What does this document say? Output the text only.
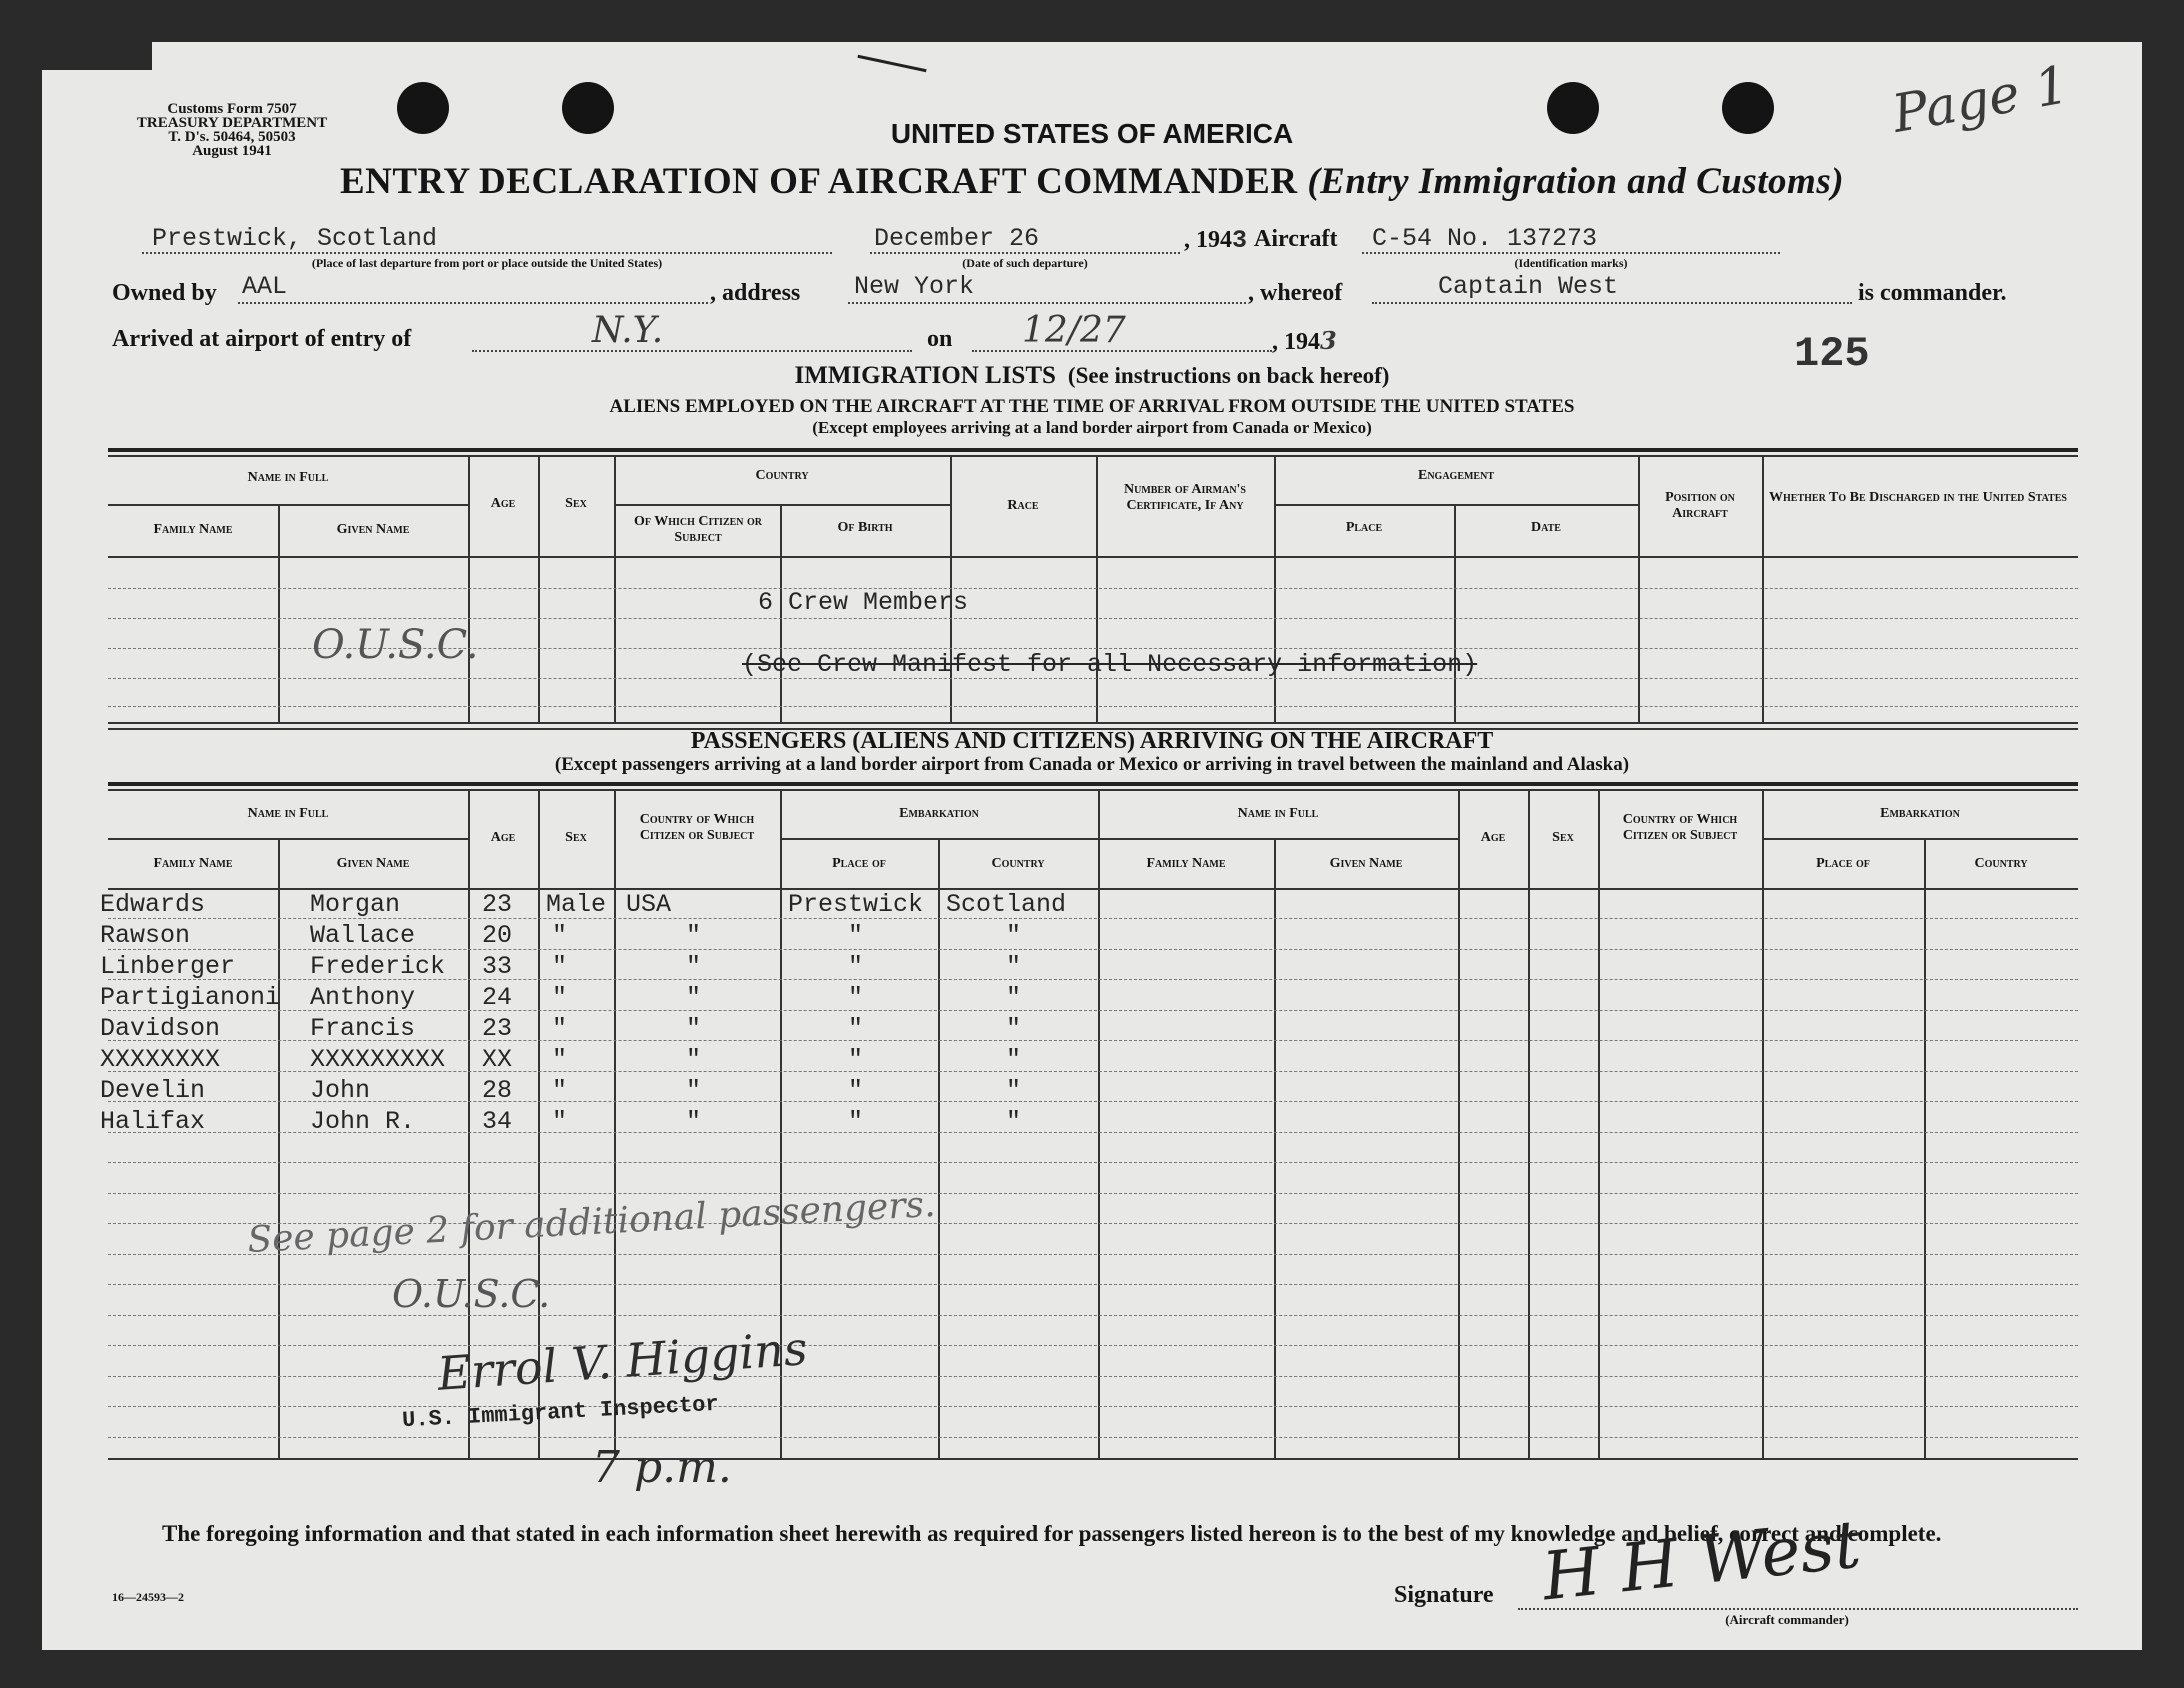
Customs Form 7507
TREASURY DEPARTMENT
T. D's. 50464, 50503
August 1941
Page 1
UNITED STATES OF AMERICA
ENTRY DECLARATION OF AIRCRAFT COMMANDER (Entry Immigration and Customs)
Prestwick, Scotland
(Place of last departure from port or place outside the United States)
December 26
(Date of such departure)
, 1943 Aircraft C-54 No. 137273
(Identification marks)
Owned by AAL	, address New York	, whereof	Captain West	is commander.
Arrived at airport of entry of	N.Y.	on 12/27	, 1943	125
IMMIGRATION LISTS (See instructions on back hereof)
ALIENS EMPLOYED ON THE AIRCRAFT AT THE TIME OF ARRIVAL FROM OUTSIDE THE UNITED STATES
(Except employees arriving at a land border airport from Canada or Mexico)
Name in Full
Family Name	Given Name
Age	Sex
Country
Of Which Citizen or Subject
Of Birth
Race
Number of Airman's Certificate, If Any
Engagement
Place	Date
Position on Aircraft
Whether To Be Discharged in the United States
6 Crew Members
(See Crew Manifest for all Necessary information)
O.U.S.C.
PASSENGERS (ALIENS AND CITIZENS) ARRIVING ON THE AIRCRAFT
(Except passengers arriving at a land border airport from Canada or Mexico or arriving in travel between the mainland and Alaska)
Name in Full
Family Name	Given Name
Age	Sex
Country of Which Citizen or Subject
Embarkation
Place of	Country
Name in Full
Family Name	Given Name
Age	Sex
Country of Which Citizen or Subject
Embarkation
Place of	Country
Edwards	Morgan	23 Male USA	Prestwick Scotland
Rawson	Wallace	20 "	"	"	"
Linberger	Frederick 33 "	"	"	"
Partigianoni Anthony	24 "	"	"	"
Davidson	Francis	23 "	"	"	"
XXXXXXXX	XXXXXXXXX XX "	"	"	"
Develin	John	28 "	"	"	"
Halifax	John R.	34 "	"	"	"
See page 2 for additional passengers.
O.U.S.C.
Errol V. Higgins
U.S. Immigrant Inspector
7 p.m.
The foregoing information and that stated in each information sheet herewith as required for passengers listed hereon is to the best of my knowledge and belief, correct and complete.
16—24593—2	Signature H H West
(Aircraft commander)
